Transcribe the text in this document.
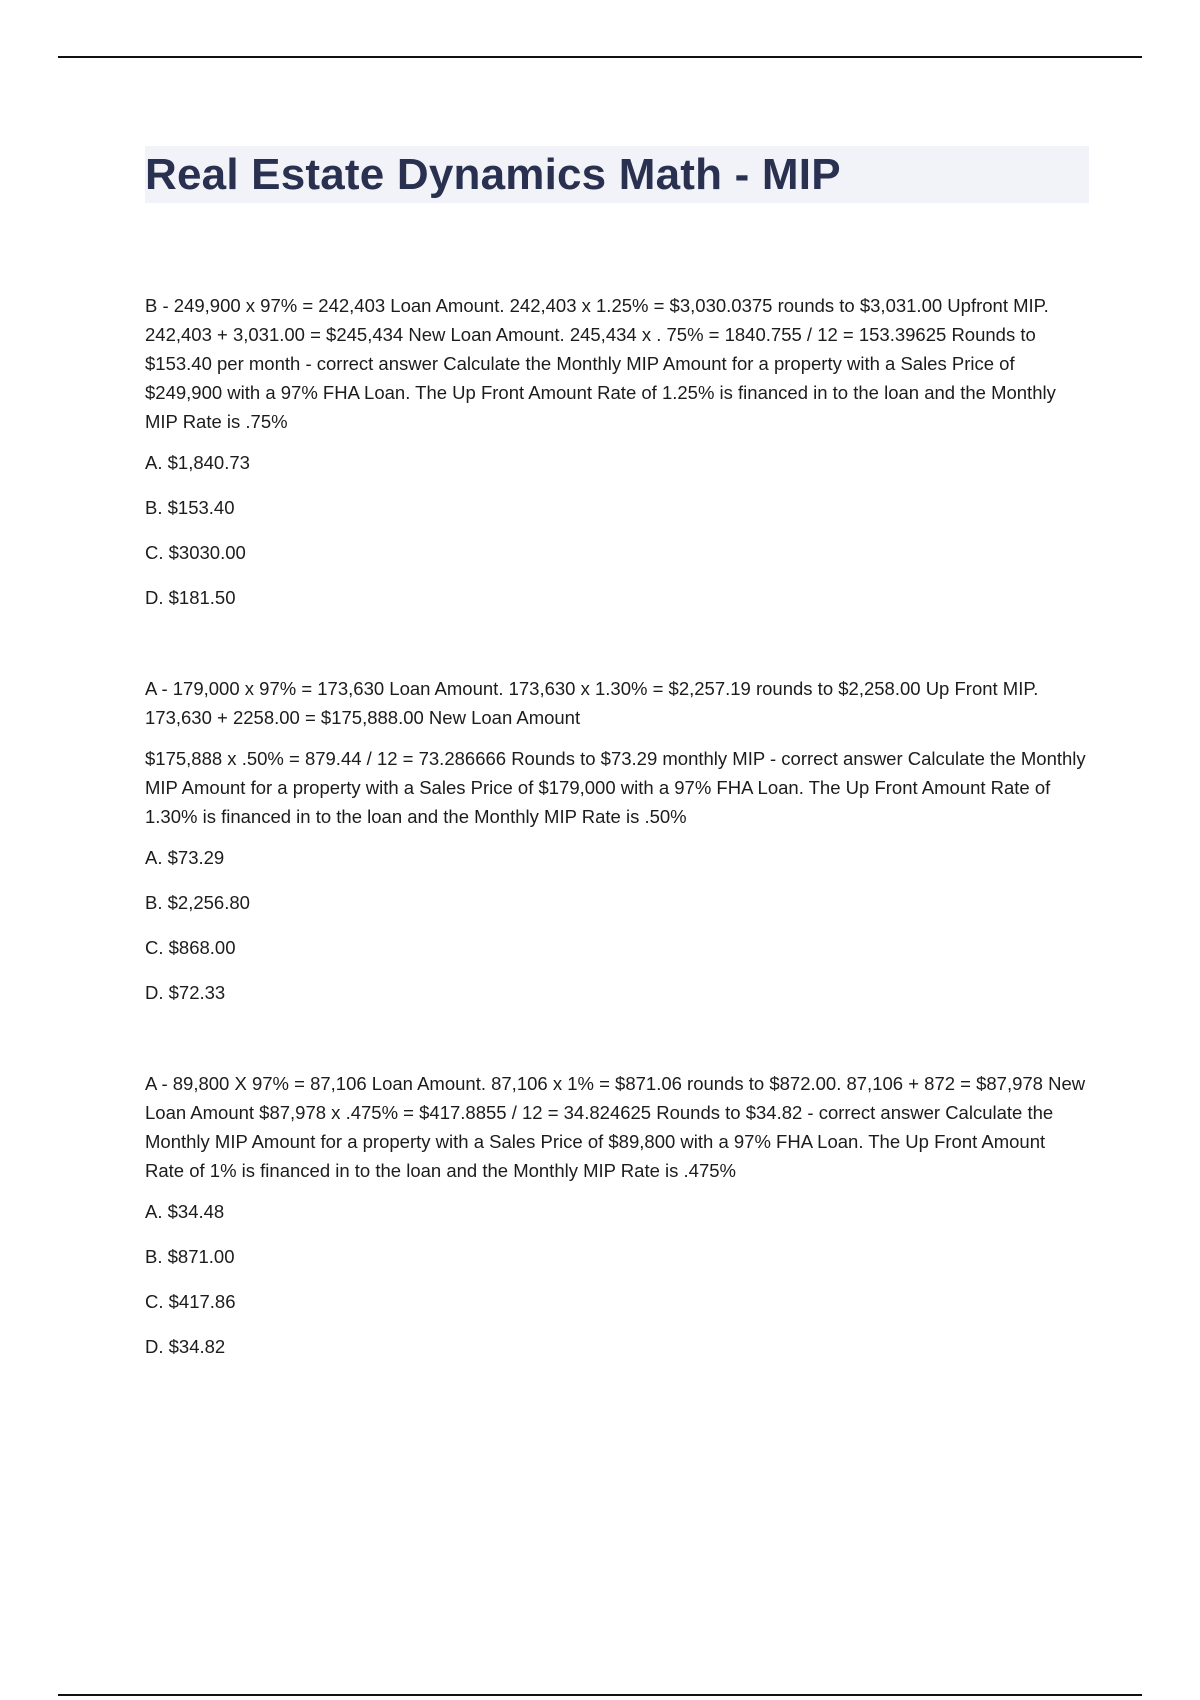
Real Estate Dynamics Math - MIP

B - 249,900 x 97% = 242,403 Loan Amount. 242,403 x 1.25% = $3,030.0375 rounds to $3,031.00 Upfront MIP. 242,403 + 3,031.00 = $245,434 New Loan Amount. 245,434 x . 75% = 1840.755 / 12 = 153.39625 Rounds to $153.40 per month - correct answer Calculate the Monthly MIP Amount for a property with a Sales Price of $249,900 with a 97% FHA Loan. The Up Front Amount Rate of 1.25% is financed in to the loan and the Monthly MIP Rate is .75%

A. $1,840.73
B. $153.40
C. $3030.00
D. $181.50

A - 179,000 x 97% = 173,630 Loan Amount. 173,630 x 1.30% = $2,257.19 rounds to $2,258.00 Up Front MIP. 173,630 + 2258.00 = $175,888.00 New Loan Amount

$175,888 x .50% = 879.44 / 12 = 73.286666 Rounds to $73.29 monthly MIP - correct answer Calculate the Monthly MIP Amount for a property with a Sales Price of $179,000 with a 97% FHA Loan. The Up Front Amount Rate of 1.30% is financed in to the loan and the Monthly MIP Rate is .50%

A. $73.29
B. $2,256.80
C. $868.00
D. $72.33

A - 89,800 X 97% = 87,106 Loan Amount. 87,106 x 1% = $871.06 rounds to $872.00. 87,106 + 872 = $87,978 New Loan Amount $87,978 x .475% = $417.8855 / 12 = 34.824625 Rounds to $34.82 - correct answer Calculate the Monthly MIP Amount for a property with a Sales Price of $89,800 with a 97% FHA Loan. The Up Front Amount Rate of 1% is financed in to the loan and the Monthly MIP Rate is .475%

A. $34.48
B. $871.00
C. $417.86
D. $34.82
